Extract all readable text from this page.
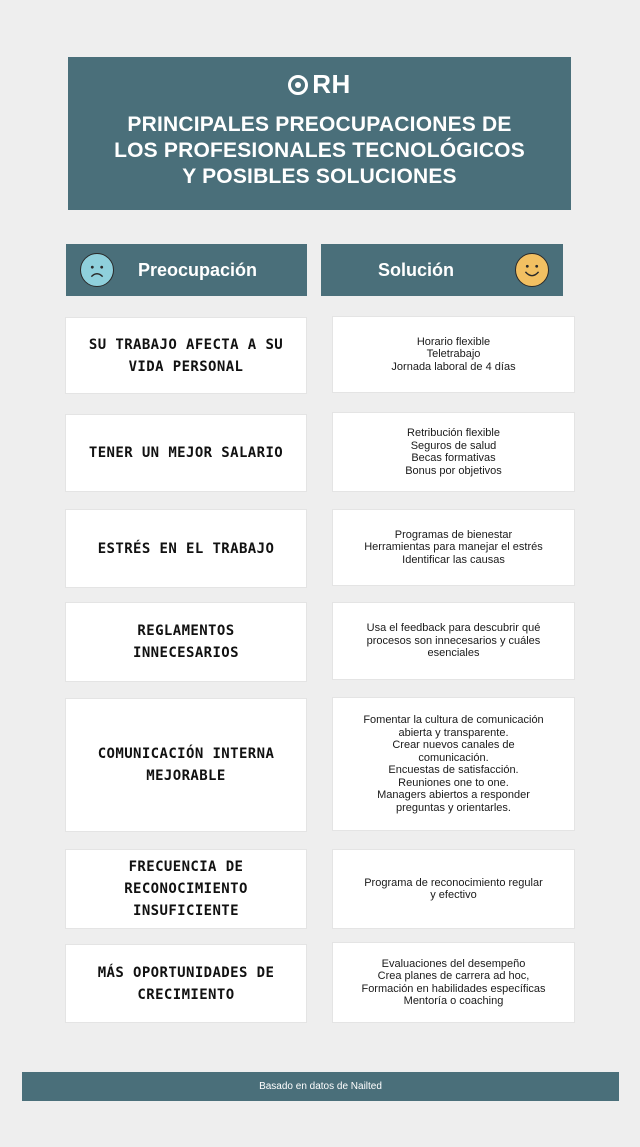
RH
PRINCIPALES PREOCUPACIONES DE
LOS PROFESIONALES TECNOLÓGICOS
Y POSIBLES SOLUCIONES
Preocupación	Solución
SU TRABAJO AFECTA A SU
VIDA PERSONAL
Horario flexible
Teletrabajo
Jornada laboral de 4 días
TENER UN MEJOR SALARIO
Retribución flexible
Seguros de salud
Becas formativas
Bonus por objetivos
ESTRÉS EN EL TRABAJO
Programas de bienestar
Herramientas para manejar el estrés
Identificar las causas
REGLAMENTOS
INNECESARIOS
Usa el feedback para descubrir qué
procesos son innecesarios y cuáles
esenciales
COMUNICACIÓN INTERNA
MEJORABLE
Fomentar la cultura de comunicación
abierta y transparente.
Crear nuevos canales de
comunicación.
Encuestas de satisfacción.
Reuniones one to one.
Managers abiertos a responder
preguntas y orientarles.
FRECUENCIA DE
RECONOCIMIENTO
INSUFICIENTE
Programa de reconocimiento regular
y efectivo
MÁS OPORTUNIDADES DE
CRECIMIENTO
Evaluaciones del desempeño
Crea planes de carrera ad hoc,
Formación en habilidades específicas
Mentoría o coaching
Basado en datos de Nailted
